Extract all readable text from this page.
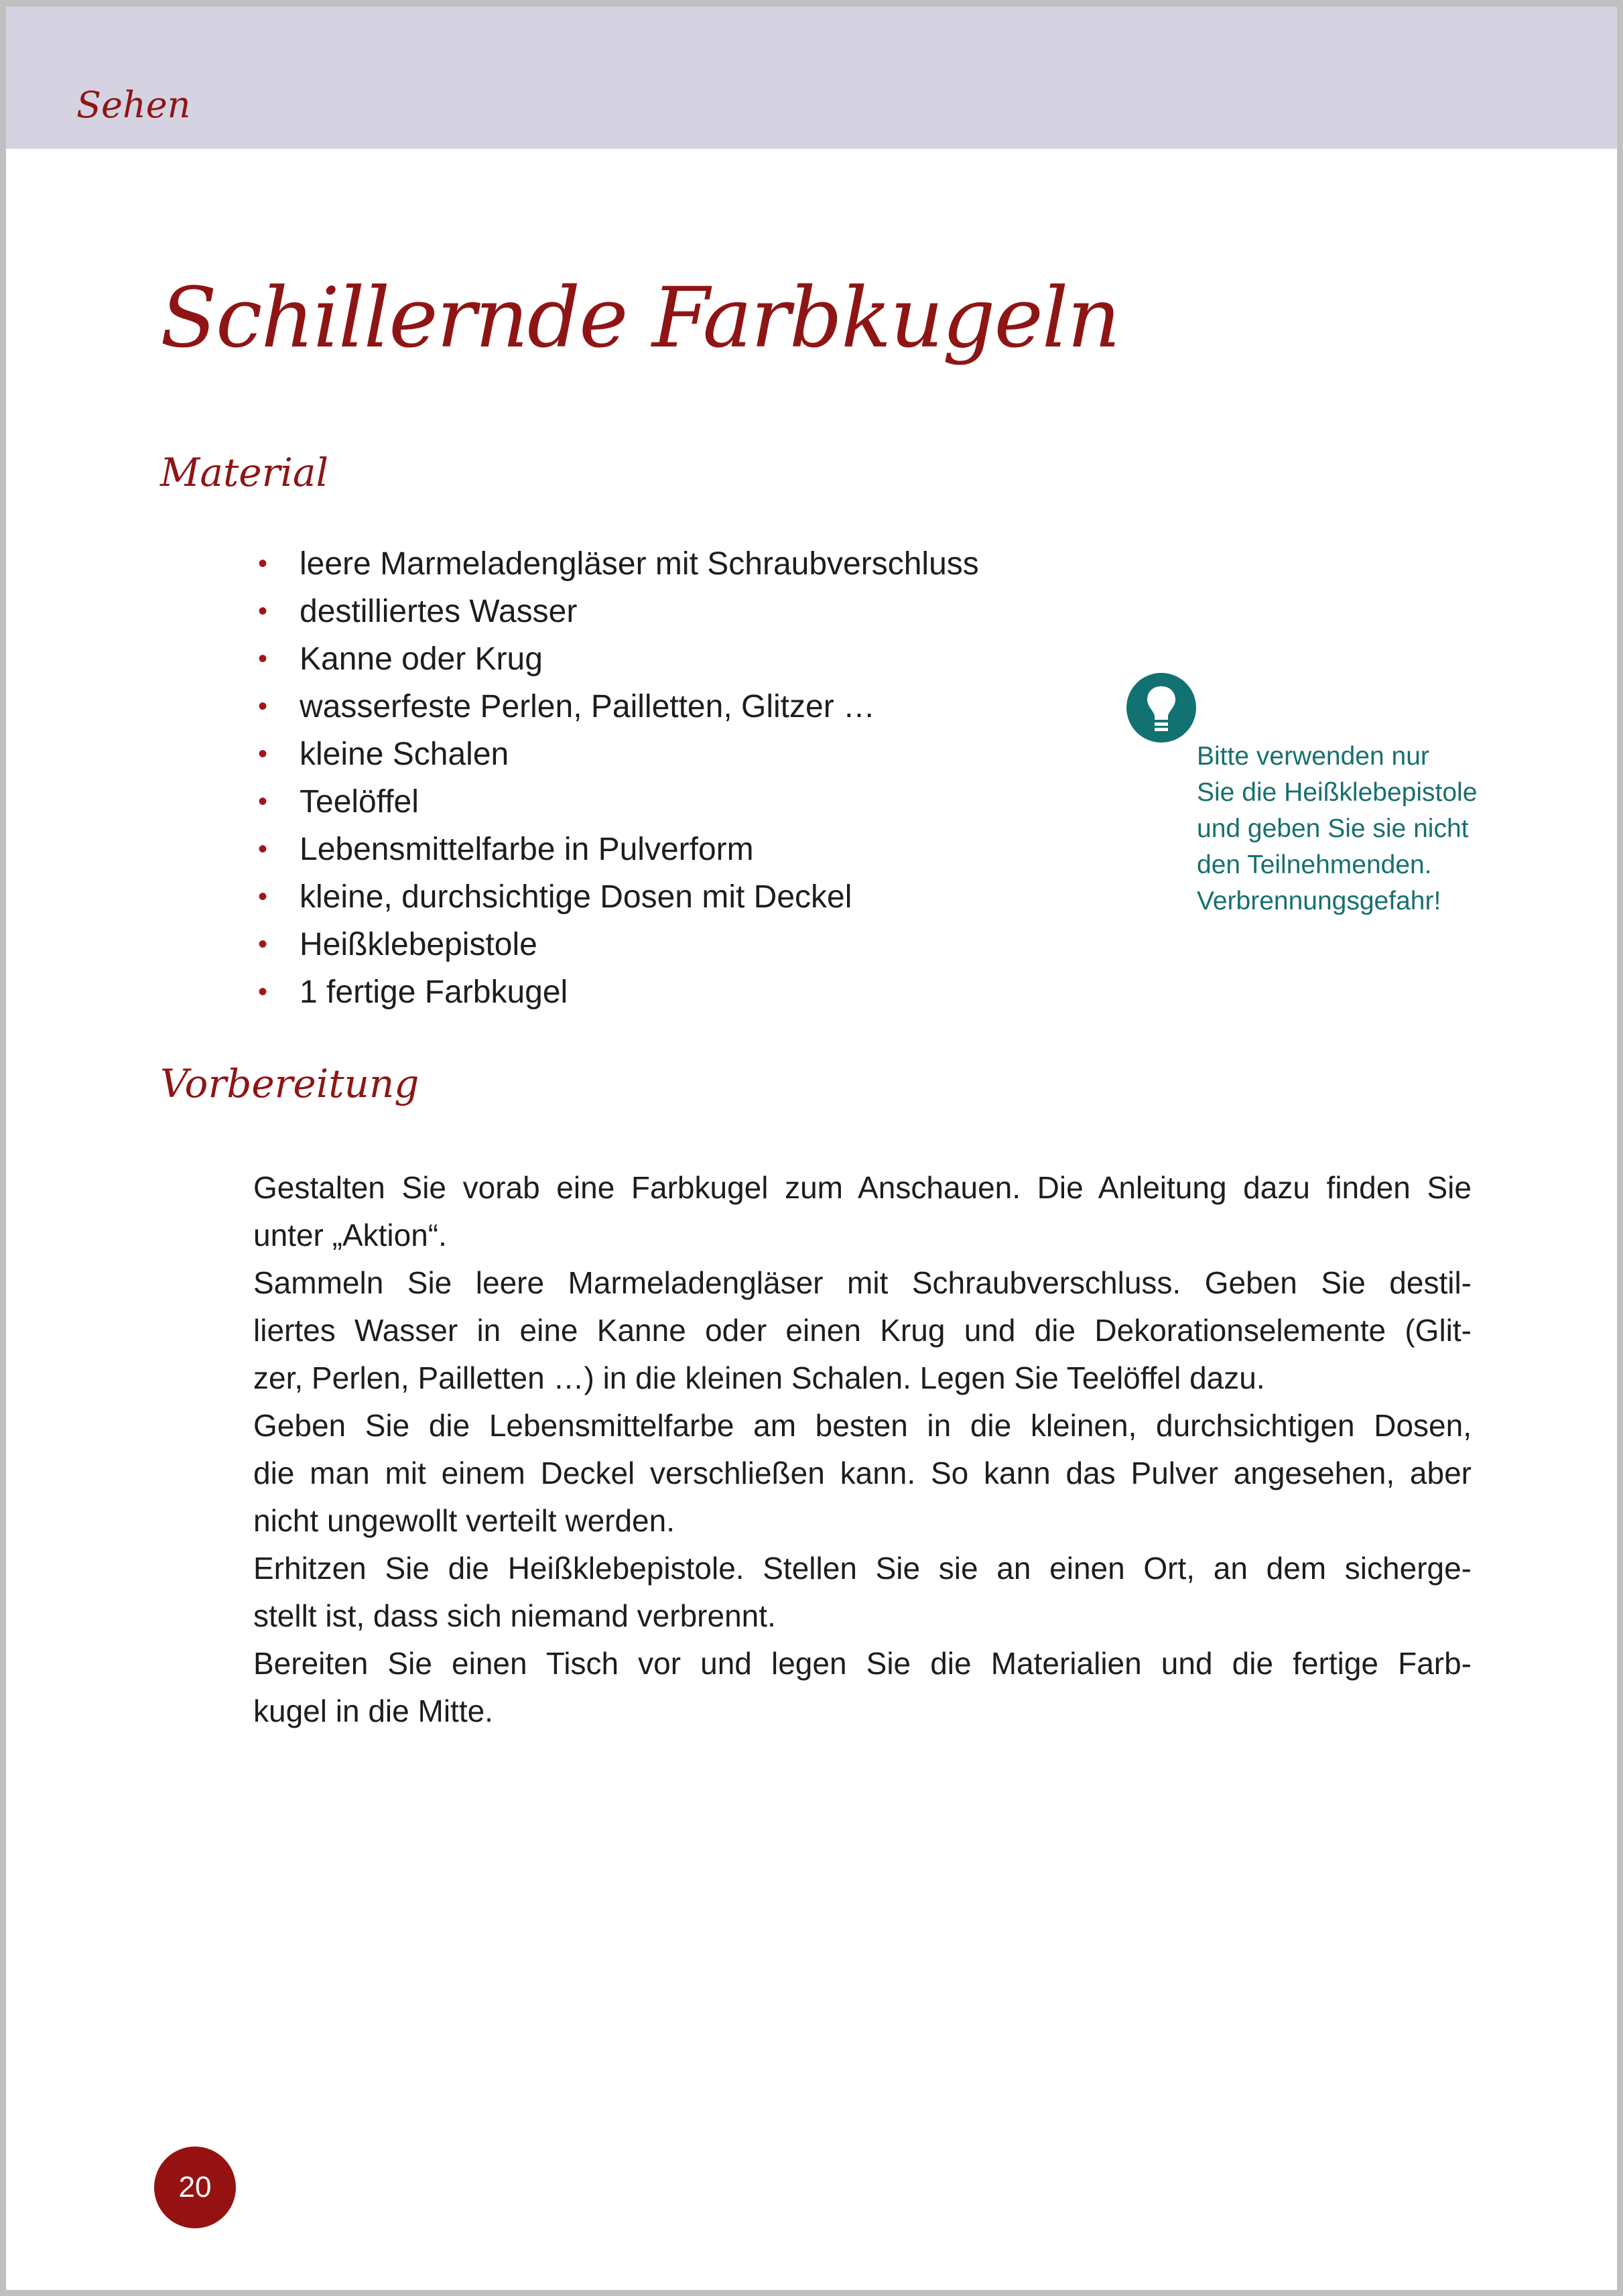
Sehen
Schillernde Farbkugeln
Material
• leere Marmeladengläser mit Schraubverschluss
• destilliertes Wasser
• Kanne oder Krug
• wasserfeste Perlen, Pailletten, Glitzer …
• kleine Schalen
• Teelöffel
• Lebensmittelfarbe in Pulverform
• kleine, durchsichtige Dosen mit Deckel
• Heißklebepistole
• 1 fertige Farbkugel
Bitte verwenden nur
Sie die Heißklebepistole
und geben Sie sie nicht
den Teilnehmenden.
Verbrennungsgefahr!
Vorbereitung
Gestalten Sie vorab eine Farbkugel zum Anschauen. Die Anleitung dazu finden Sie
unter „Aktion“.
Sammeln Sie leere Marmeladengläser mit Schraubverschluss. Geben Sie destil-
liertes Wasser in eine Kanne oder einen Krug und die Dekorationselemente (Glit-
zer, Perlen, Pailletten …) in die kleinen Schalen. Legen Sie Teelöffel dazu.
Geben Sie die Lebensmittelfarbe am besten in die kleinen, durchsichtigen Dosen,
die man mit einem Deckel verschließen kann. So kann das Pulver angesehen, aber
nicht ungewollt verteilt werden.
Erhitzen Sie die Heißklebepistole. Stellen Sie sie an einen Ort, an dem sicherge-
stellt ist, dass sich niemand verbrennt.
Bereiten Sie einen Tisch vor und legen Sie die Materialien und die fertige Farb-
kugel in die Mitte.
20
